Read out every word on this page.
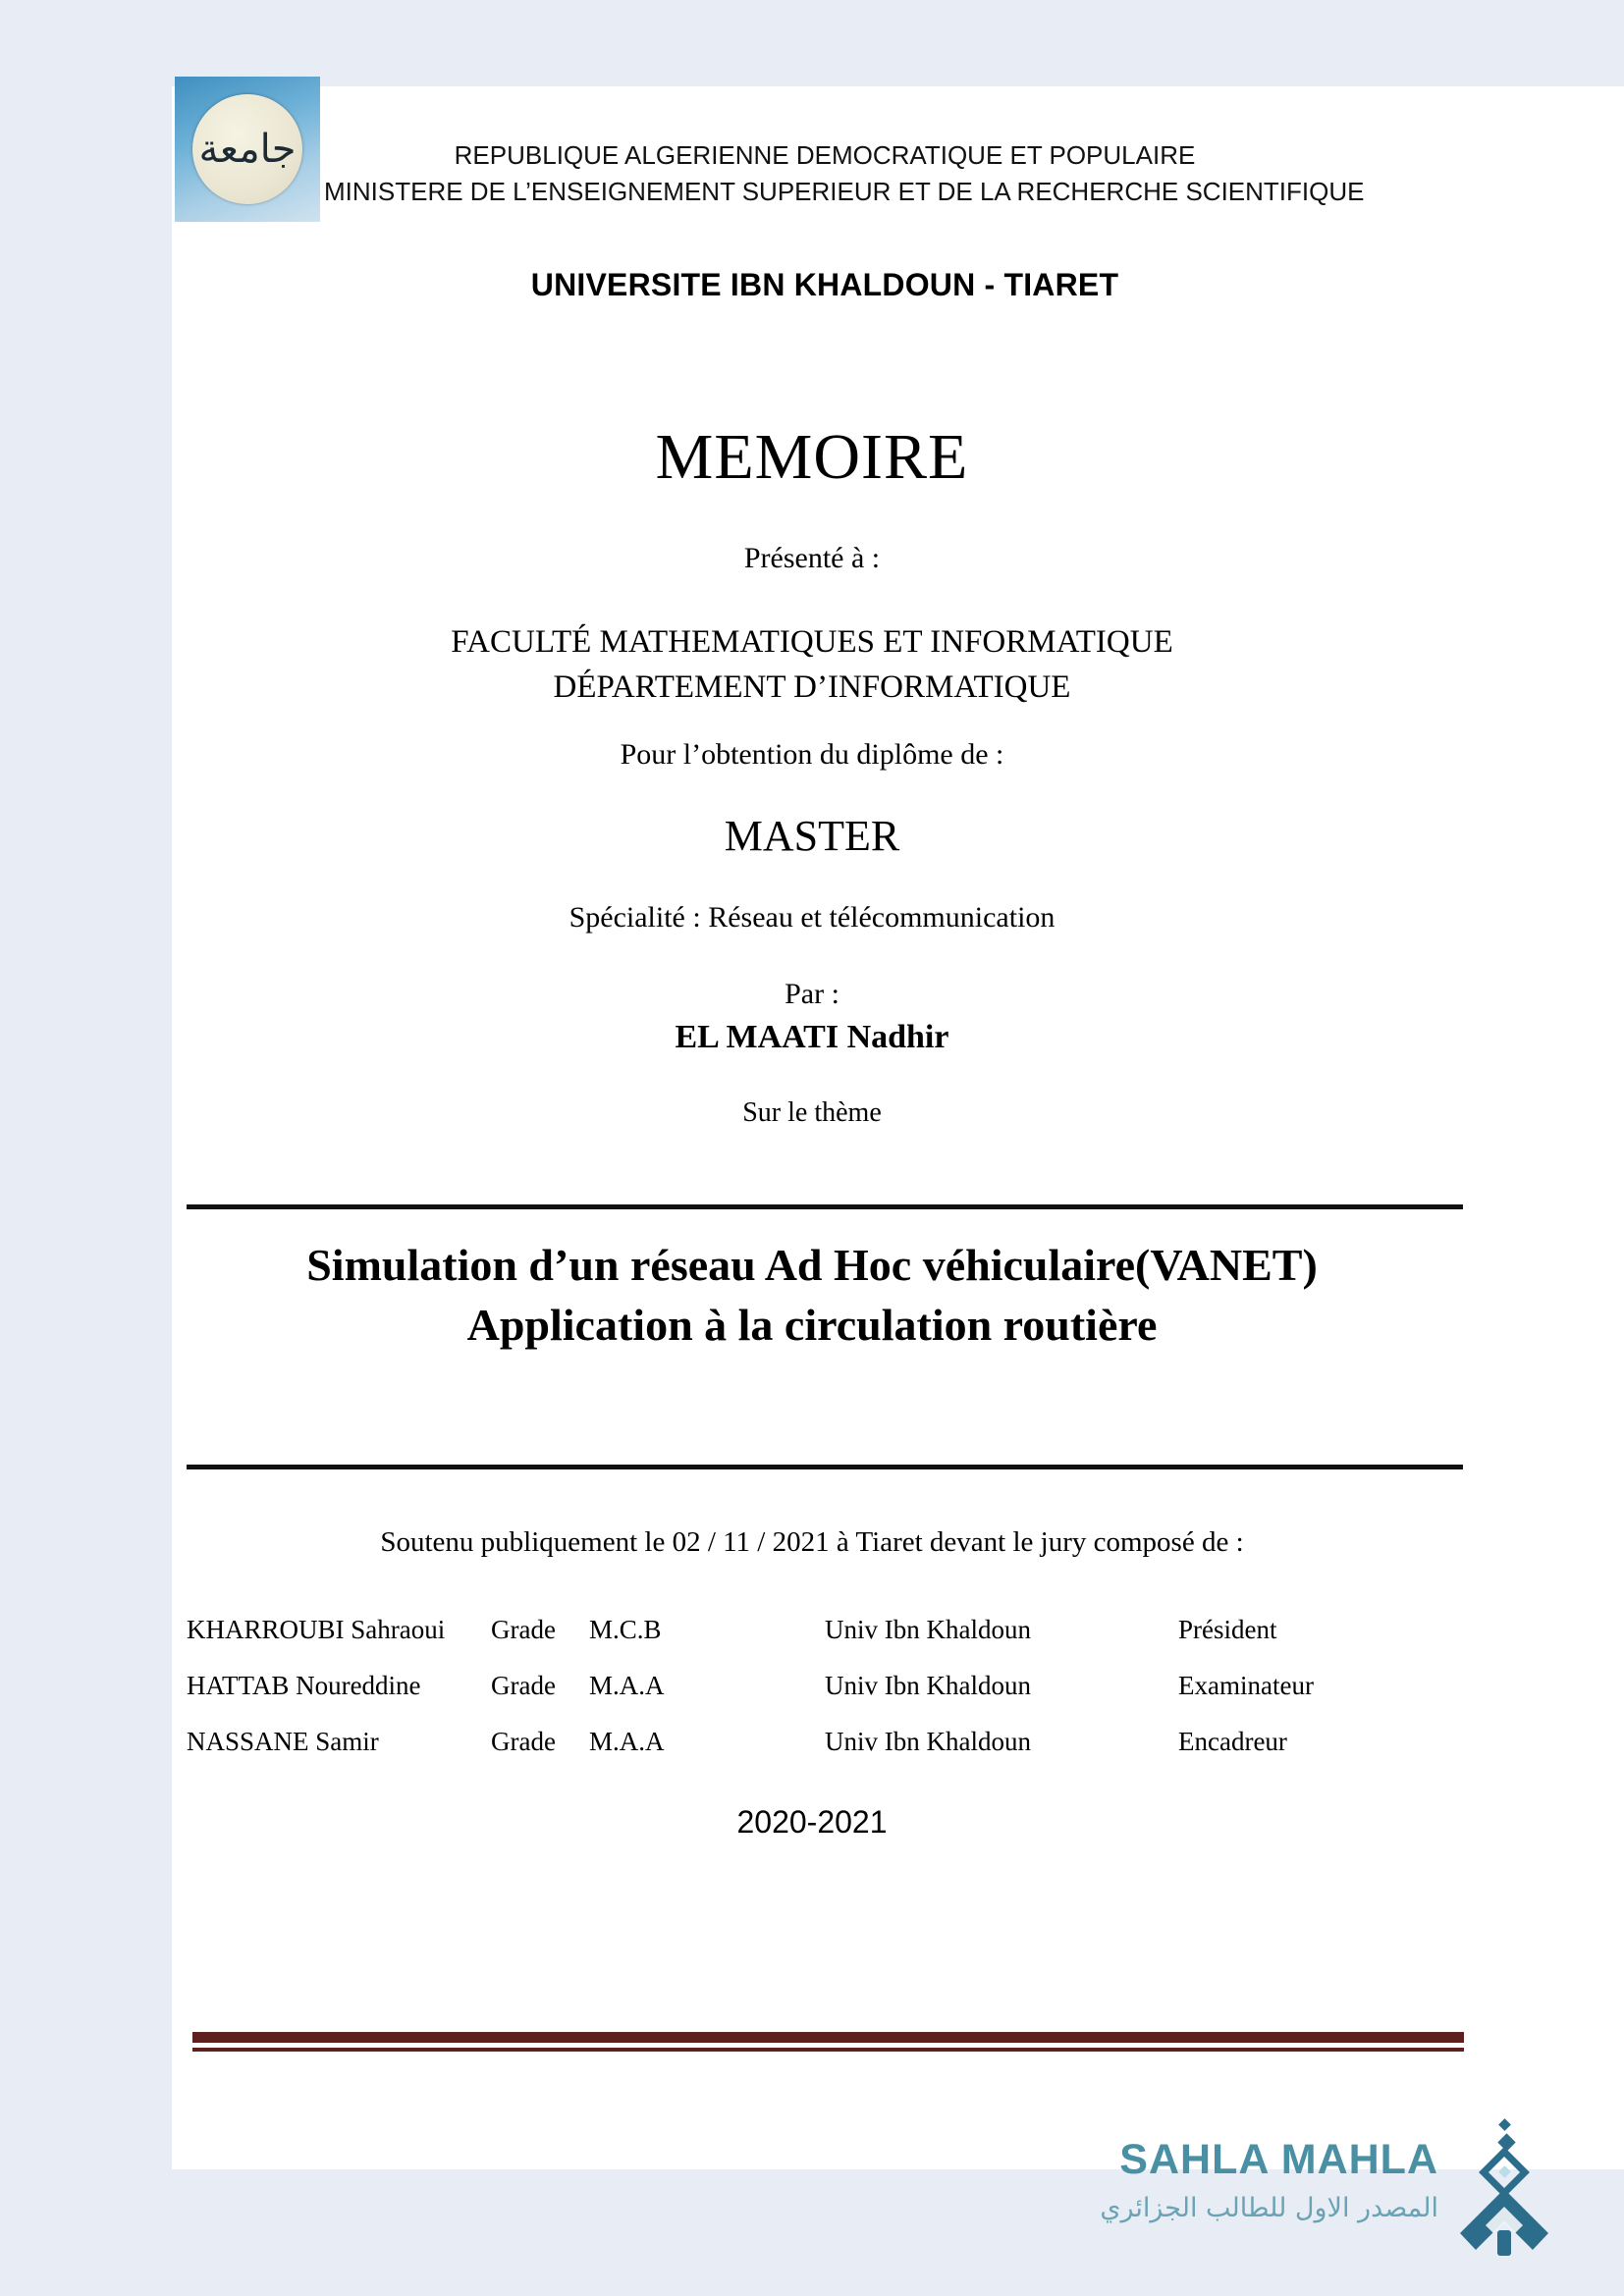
جامعة	REPUBLIQUE ALGERIENNE DEMOCRATIQUE ET POPULAIRE
MINISTERE DE L’ENSEIGNEMENT SUPERIEUR ET DE LA RECHERCHE SCIENTIFIQUE
UNIVERSITE IBN KHALDOUN - TIARET
MEMOIRE
Présenté à :
FACULTÉ MATHEMATIQUES ET INFORMATIQUE
DÉPARTEMENT D’INFORMATIQUE
Pour l’obtention du diplôme de :
MASTER
Spécialité : Réseau et télécommunication
Par :
EL MAATI Nadhir
Sur le thème
Simulation d’un réseau Ad Hoc véhiculaire(VANET)
Application à la circulation routière
Soutenu publiquement le 02 / 11 / 2021 à Tiaret devant le jury composé de :
KHARROUBI Sahraoui	Grade	M.C.B	Univ Ibn Khaldoun	Président
HATTAB Noureddine	Grade	M.A.A	Univ Ibn Khaldoun	Examinateur
NASSANE Samir	Grade	M.A.A	Univ Ibn Khaldoun	Encadreur
2020-2021
SAHLA MAHLA
المصدر الاول للطالب الجزائري
